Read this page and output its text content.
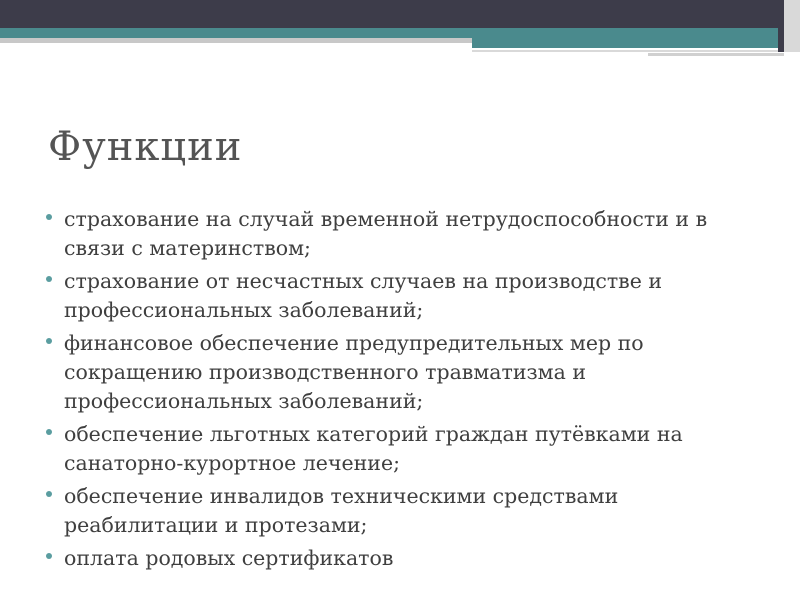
Функции
страхование на случай временной нетрудоспособности и в связи с материнством;
страхование от несчастных случаев на производстве и профессиональных заболеваний;
финансовое обеспечение предупредительных мер по сокращению производственного травматизма и профессиональных заболеваний;
обеспечение льготных категорий граждан путёвками на санаторно-курортное лечение;
обеспечение инвалидов техническими средствами реабилитации и протезами;
оплата родовых сертификатов
